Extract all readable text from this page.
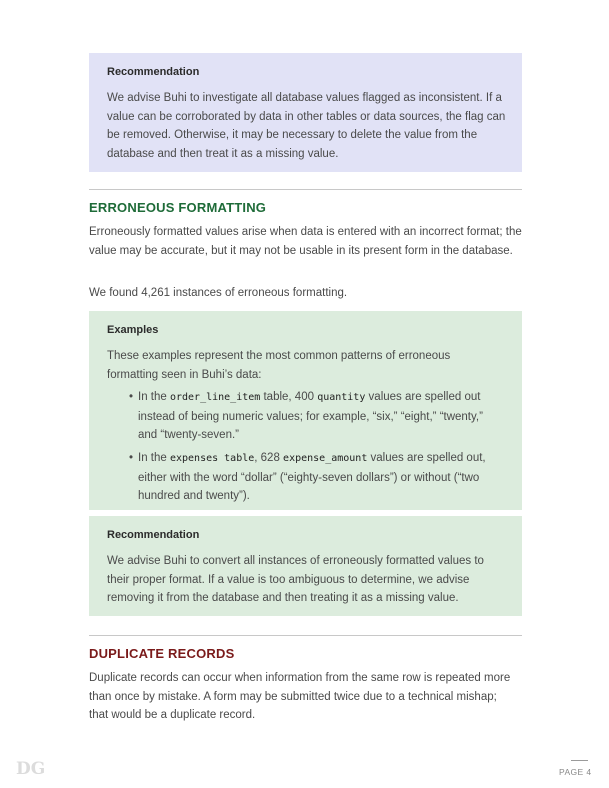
Recommendation

We advise Buhi to investigate all database values flagged as inconsistent. If a value can be corroborated by data in other tables or data sources, the flag can be removed. Otherwise, it may be necessary to delete the value from the database and then treat it as a missing value.

ERRONEOUS FORMATTING

Erroneously formatted values arise when data is entered with an incorrect format; the value may be accurate, but it may not be usable in its present form in the database.

We found 4,261 instances of erroneous formatting.

Examples

These examples represent the most common patterns of erroneous formatting seen in Buhi’s data:

• In the order_line_item table, 400 quantity values are spelled out instead of being numeric values; for example, “six,” “eight,” “twenty,” and “twenty-seven.”
• In the expenses table, 628 expense_amount values are spelled out, either with the word “dollar” (“eighty-seven dollars”) or without (“two hundred and twenty”).

Recommendation

We advise Buhi to convert all instances of erroneously formatted values to their proper format. If a value is too ambiguous to determine, we advise removing it from the database and then treating it as a missing value.

DUPLICATE RECORDS

Duplicate records can occur when information from the same row is repeated more than once by mistake. A form may be submitted twice due to a technical mishap; that would be a duplicate record.

DG	PAGE 4
